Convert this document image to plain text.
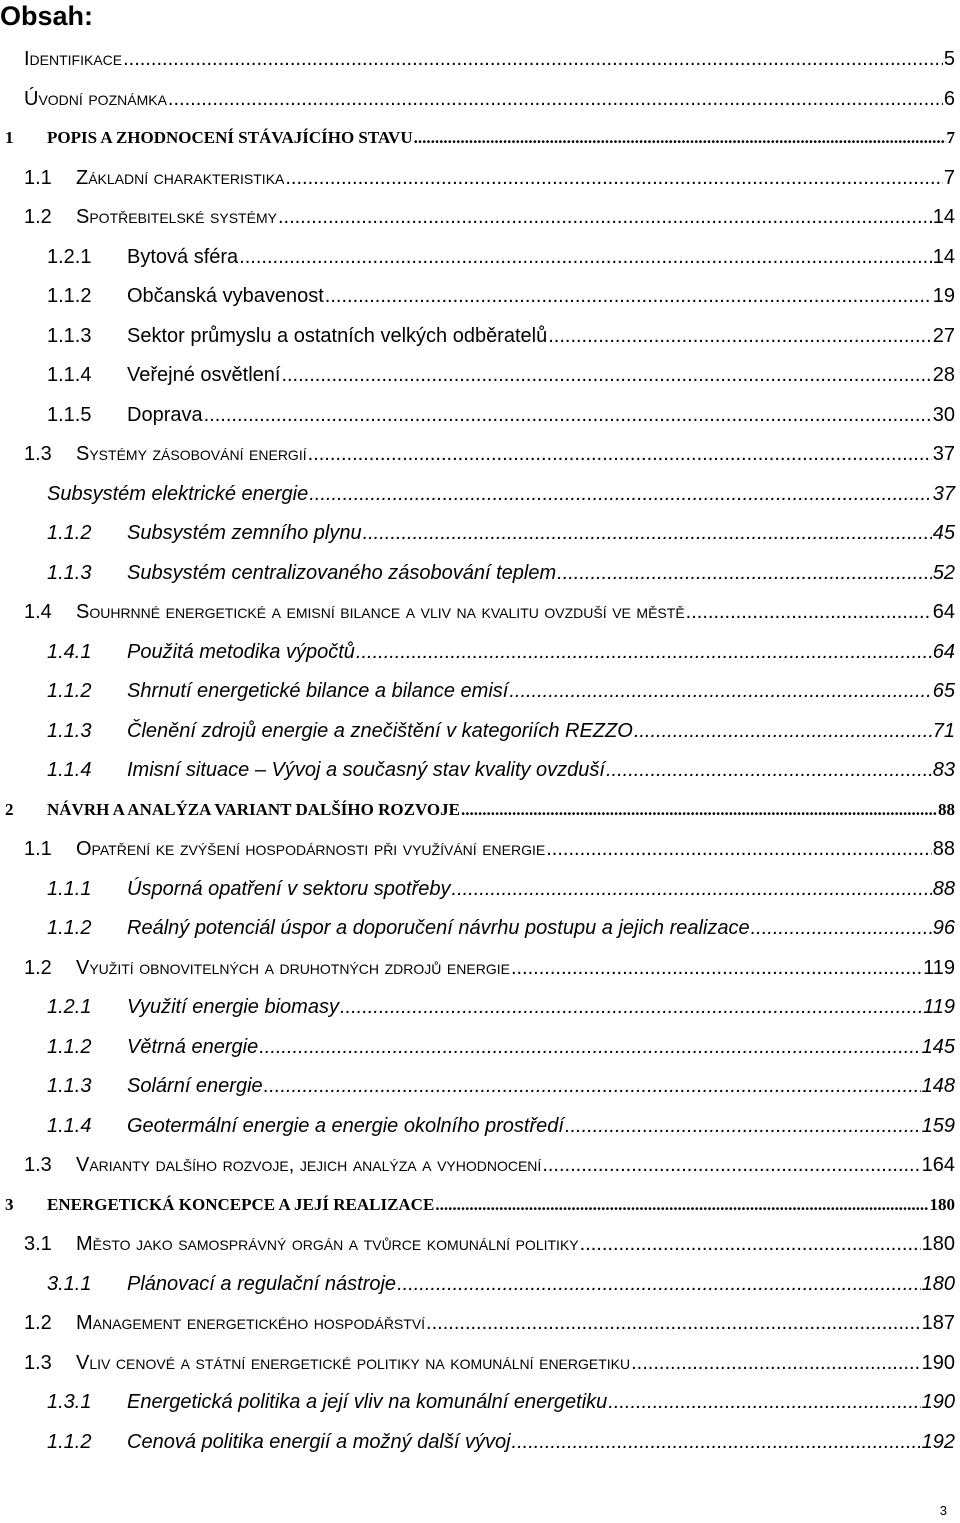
Obsah:
Identifikace .....	5
Úvodní poznámka .....	6
1	POPIS A ZHODNOCENÍ STÁVAJÍCÍHO STAVU .....	7
1.1	Základní charakteristika .....	7
1.2	Spotřebitelské systémy .....	14
1.2.1	Bytová sféra .....	14
1.1.2	Občanská vybavenost .....	19
1.1.3	Sektor průmyslu a ostatních velkých odběratelů .....	27
1.1.4	Veřejné osvětlení .....	28
1.1.5	Doprava .....	30
1.3	Systémy zásobování energií .....	37
Subsystém elektrické energie .....	37
1.1.2	Subsystém zemního plynu .....	45
1.1.3	Subsystém centralizovaného zásobování teplem .....	52
1.4	Souhrnné energetické a emisní bilance a vliv na kvalitu ovzduší ve městě .....	64
1.4.1	Použitá metodika výpočtů .....	64
1.1.2	Shrnutí energetické bilance a bilance emisí .....	65
1.1.3	Členění zdrojů energie a znečištění v kategoriích REZZO .....	71
1.1.4	Imisní situace – Vývoj a současný stav kvality ovzduší .....	83
2	NÁVRH A ANALÝZA VARIANT DALŠÍHO ROZVOJE .....	88
1.1	Opatření ke zvýšení hospodárnosti při využívání energie .....	88
1.1.1	Úsporná opatření v sektoru spotřeby .....	88
1.1.2	Reálný potenciál úspor a doporučení návrhu postupu a jejich realizace .....	96
1.2	Využití obnovitelných a druhotných zdrojů energie .....	119
1.2.1	Využití energie biomasy .....	119
1.1.2	Větrná energie .....	145
1.1.3	Solární energie .....	148
1.1.4	Geotermální energie a energie okolního prostředí .....	159
1.3	Varianty dalšího rozvoje, jejich analýza a vyhodnocení .....	164
3	ENERGETICKÁ KONCEPCE A JEJÍ REALIZACE .....	180
3.1	Město jako samosprávný orgán a tvůrce komunální politiky .....	180
3.1.1	Plánovací a regulační nástroje .....	180
1.2	Management energetického hospodářství .....	187
1.3	Vliv cenové a státní energetické politiky na komunální energetiku .....	190
1.3.1	Energetická politika a její vliv na komunální energetiku .....	190
1.1.2	Cenová politika energií a možný další vývoj .....	192
3
